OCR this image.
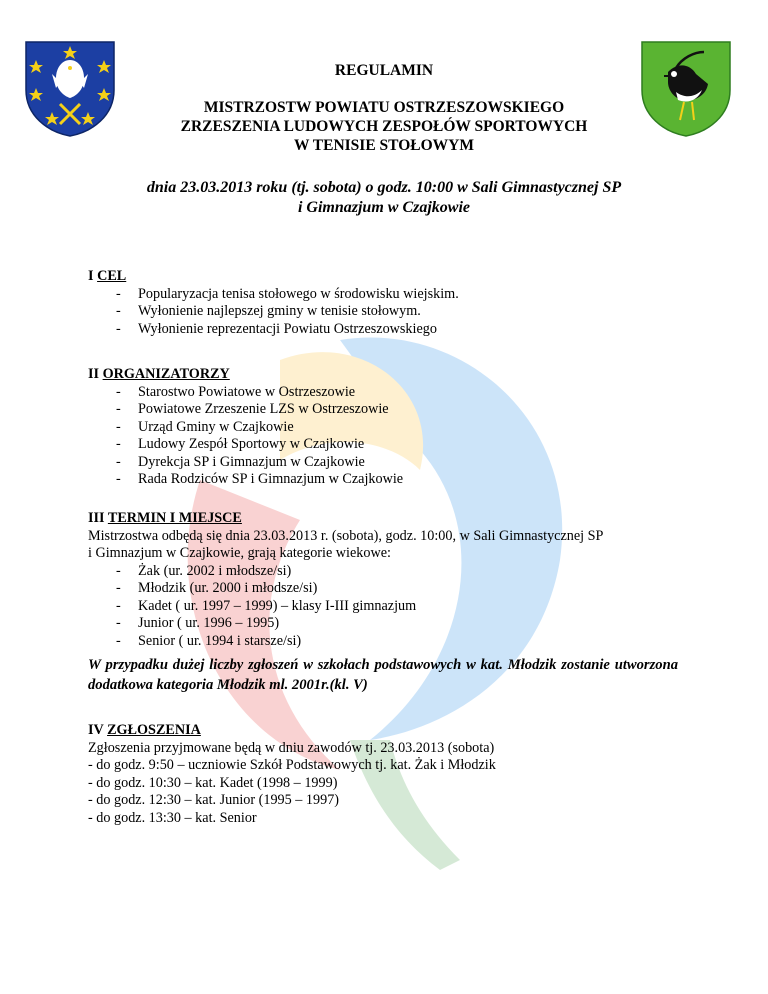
REGULAMIN
MISTRZOSTW POWIATU OSTRZESZOWSKIEGO
ZRZESZENIA LUDOWYCH ZESPOŁÓW SPORTOWYCH
W TENISIE STOŁOWYM
dnia 23.03.2013 roku (tj. sobota) o godz. 10:00 w Sali Gimnastycznej SP
i Gimnazjum w Czajkowie
I CEL
- Popularyzacja tenisa stołowego w środowisku wiejskim.
- Wyłonienie najlepszej gminy w tenisie stołowym.
- Wyłonienie reprezentacji Powiatu Ostrzeszowskiego
II ORGANIZATORZY
- Starostwo Powiatowe w Ostrzeszowie
- Powiatowe Zrzeszenie LZS w Ostrzeszowie
- Urząd Gminy w Czajkowie
- Ludowy Zespół Sportowy w Czajkowie
- Dyrekcja SP i Gimnazjum w Czajkowie
- Rada Rodziców SP i Gimnazjum w Czajkowie
III TERMIN I MIEJSCE
Mistrzostwa odbędą się dnia 23.03.2013 r. (sobota), godz. 10:00, w Sali Gimnastycznej SP
i Gimnazjum w Czajkowie, grają kategorie wiekowe:
- Żak (ur. 2002 i młodsze/si)
- Młodzik (ur. 2000 i młodsze/si)
- Kadet ( ur. 1997 – 1999) – klasy I-III gimnazjum
- Junior ( ur. 1996 – 1995)
- Senior ( ur. 1994 i starsze/si)
W przypadku dużej liczby zgłoszeń w szkołach podstawowych w kat. Młodzik zostanie utworzona dodatkowa kategoria Młodzik ml. 2001r.(kl. V)
IV ZGŁOSZENIA
Zgłoszenia przyjmowane będą w dniu zawodów tj. 23.03.2013 (sobota)
- do godz. 9:50 – uczniowie Szkół Podstawowych tj. kat. Żak i Młodzik
- do godz. 10:30 – kat. Kadet (1998 – 1999)
- do godz. 12:30 – kat. Junior (1995 – 1997)
- do godz. 13:30 – kat. Senior
